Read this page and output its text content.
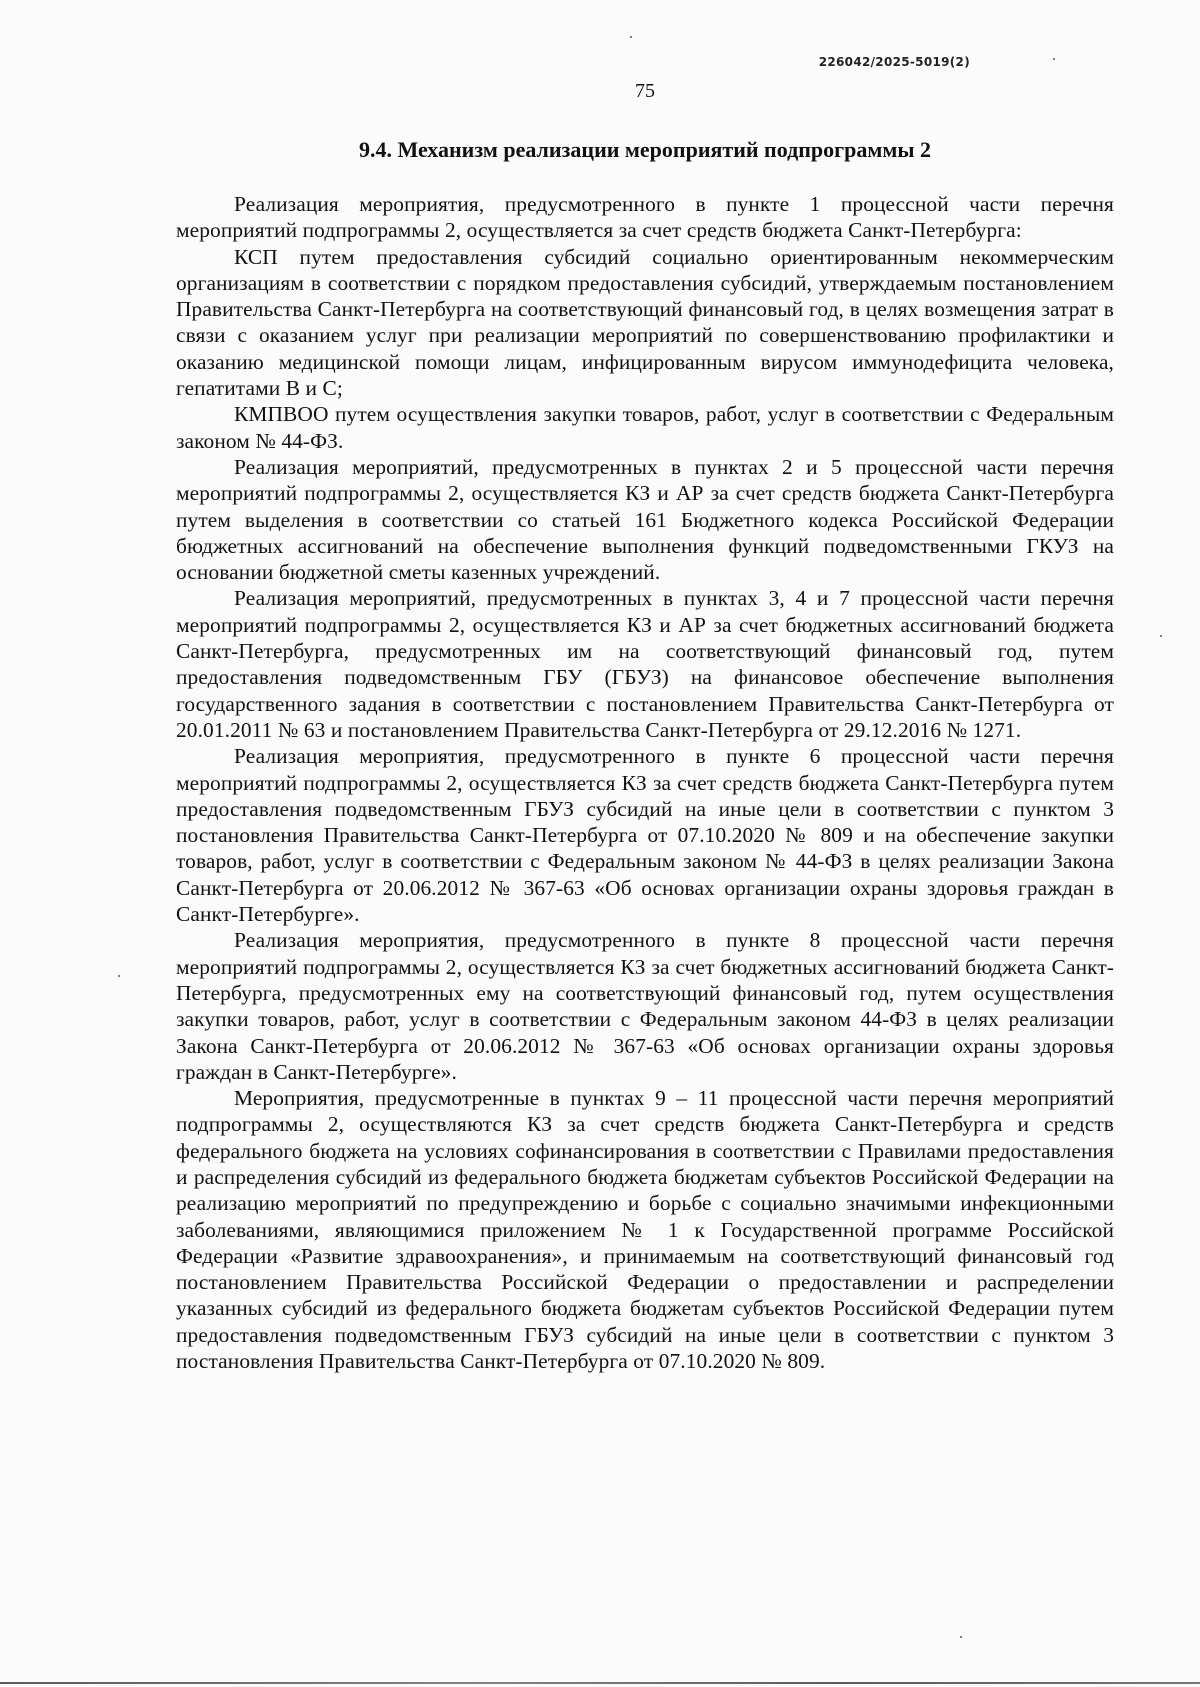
226042/2025-5019(2)
75
9.4. Механизм реализации мероприятий подпрограммы 2

Реализация мероприятия, предусмотренного в пункте 1 процессной части перечня мероприятий подпрограммы 2, осуществляется за счет средств бюджета Санкт-Петербурга:

КСП путем предоставления субсидий социально ориентированным некоммерческим организациям в соответствии с порядком предоставления субсидий, утверждаемым постановлением Правительства Санкт-Петербурга на соответствующий финансовый год, в целях возмещения затрат в связи с оказанием услуг при реализации мероприятий по совершенствованию профилактики и оказанию медицинской помощи лицам, инфицированным вирусом иммунодефицита человека, гепатитами В и С;

КМПВОО путем осуществления закупки товаров, работ, услуг в соответствии с Федеральным законом № 44-ФЗ.

Реализация мероприятий, предусмотренных в пунктах 2 и 5 процессной части перечня мероприятий подпрограммы 2, осуществляется КЗ и АР за счет средств бюджета Санкт-Петербурга путем выделения в соответствии со статьей 161 Бюджетного кодекса Российской Федерации бюджетных ассигнований на обеспечение выполнения функций подведомственными ГКУЗ на основании бюджетной сметы казенных учреждений.

Реализация мероприятий, предусмотренных в пунктах 3, 4 и 7 процессной части перечня мероприятий подпрограммы 2, осуществляется КЗ и АР за счет бюджетных ассигнований бюджета Санкт-Петербурга, предусмотренных им на соответствующий финансовый год, путем предоставления подведомственным ГБУ (ГБУЗ) на финансовое обеспечение выполнения государственного задания в соответствии с постановлением Правительства Санкт-Петербурга от 20.01.2011 № 63 и постановлением Правительства Санкт-Петербурга от 29.12.2016 № 1271.

Реализация мероприятия, предусмотренного в пункте 6 процессной части перечня мероприятий подпрограммы 2, осуществляется КЗ за счет средств бюджета Санкт-Петербурга путем предоставления подведомственным ГБУЗ субсидий на иные цели в соответствии с пунктом 3 постановления Правительства Санкт-Петербурга от 07.10.2020 № 809 и на обеспечение закупки товаров, работ, услуг в соответствии с Федеральным законом № 44-ФЗ в целях реализации Закона Санкт-Петербурга от 20.06.2012 № 367-63 «Об основах организации охраны здоровья граждан в Санкт-Петербурге».

Реализация мероприятия, предусмотренного в пункте 8 процессной части перечня мероприятий подпрограммы 2, осуществляется КЗ за счет бюджетных ассигнований бюджета Санкт-Петербурга, предусмотренных ему на соответствующий финансовый год, путем осуществления закупки товаров, работ, услуг в соответствии с Федеральным законом 44-ФЗ в целях реализации Закона Санкт-Петербурга от 20.06.2012 № 367-63 «Об основах организации охраны здоровья граждан в Санкт-Петербурге».

Мероприятия, предусмотренные в пунктах 9 – 11 процессной части перечня мероприятий подпрограммы 2, осуществляются КЗ за счет средств бюджета Санкт-Петербурга и средств федерального бюджета на условиях софинансирования в соответствии с Правилами предоставления и распределения субсидий из федерального бюджета бюджетам субъектов Российской Федерации на реализацию мероприятий по предупреждению и борьбе с социально значимыми инфекционными заболеваниями, являющимися приложением № 1 к Государственной программе Российской Федерации «Развитие здравоохранения», и принимаемым на соответствующий финансовый год постановлением Правительства Российской Федерации о предоставлении и распределении указанных субсидий из федерального бюджета бюджетам субъектов Российской Федерации путем предоставления подведомственным ГБУЗ субсидий на иные цели в соответствии с пунктом 3 постановления Правительства Санкт-Петербурга от 07.10.2020 № 809.
